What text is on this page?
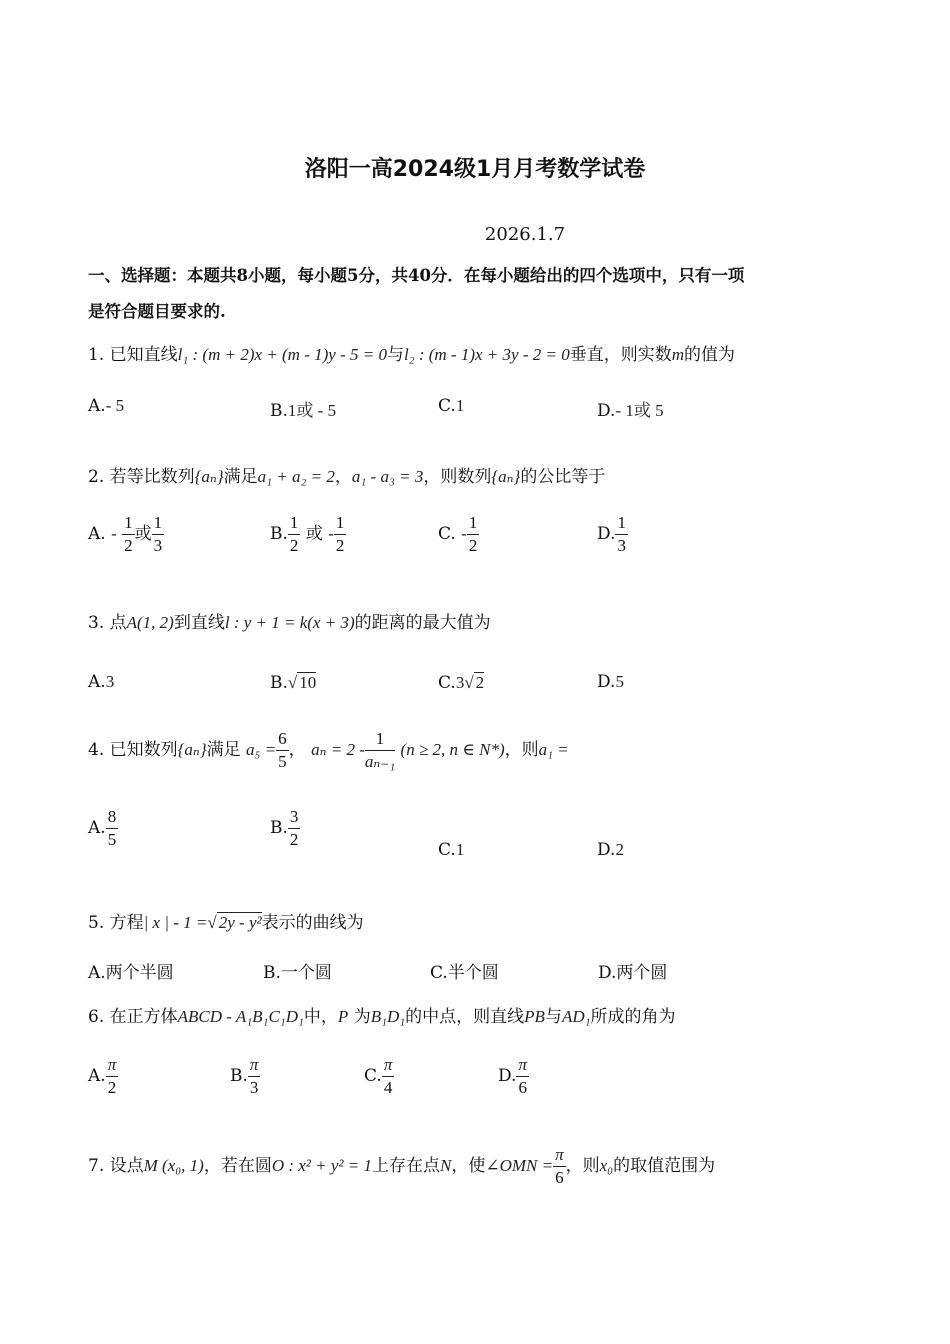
洛阳一高2024级1月月考数学试卷
2026.1.7
一、选择题：本题共8小题，每小题5分，共40分．在每小题给出的四个选项中，只有一项
是符合题目要求的.
1. 已知直线l₁ : (m + 2)x + (m - 1)y - 5 = 0与l₂ : (m - 1)x + 3y - 2 = 0垂直，则实数m的值为
A.- 5	B.1或 - 5	C.1	D.- 1或 5
2. 若等比数列{aₙ}满足a₁ + a₂ = 2，a₁ - a₃ = 3，则数列{aₙ}的公比等于
A. - $\frac{1}{2}$ 或 $\frac{1}{3}$	B. $\frac{1}{2}$ 或 - $\frac{1}{2}$	C. - $\frac{1}{2}$	D. $\frac{1}{3}$
3. 点A(1, 2)到直线l : y + 1 = k(x + 3)的距离的最大值为
A.3	B.√ 10	C.3√ 2	D.5
4. 已知数列{aₙ}满足 $a_5 = \frac{6}{5}$ ， $a_n = 2 - \frac{1}{\text{aₙ₋₁}} (n \ge 2$, n ∈ N*)，则a₁ =
A. $\frac{8}{5}$	B. $\frac{3}{2}$	C.1	D.2
5. 方程| x | - 1 =√ 2y - y²表示的曲线为
A.两个半圆	B.一个圆	C.半个圆	D.两个圆
6. 在正方体ABCD - A₁B₁C₁D₁中，P 为B₁D₁的中点，则直线PB与AD₁所成的角为
A. $\frac{\pi}{2}$	B. $\frac{\pi}{3}$	C. $\frac{\pi}{4}$	D. $\frac{\pi}{6}$
7. 设点M (x₀, 1)，若在圆O : x² + y² = 1上存在点N，使∠OMN = $\frac{\pi}{6}$ ，则x₀的取值范围为
